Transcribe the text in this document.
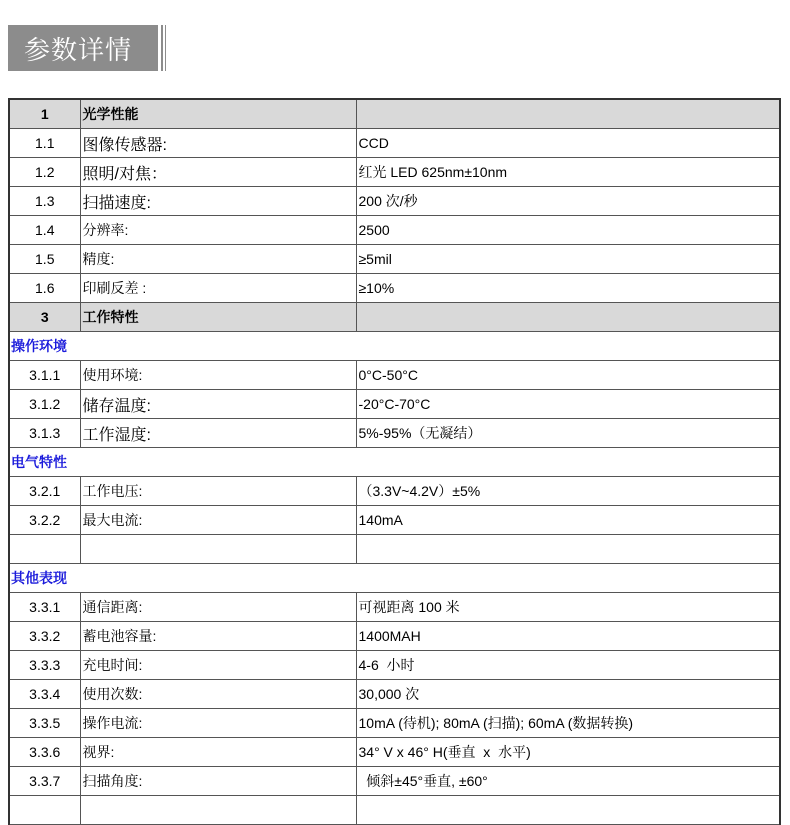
参数详情
1	光学性能	
1.1	图像传感器:	CCD
1.2	照明/对焦：	红光 LED 625nm±10nm
1.3	扫描速度:	200 次/秒
1.4	分辨率:	2500
1.5	精度:	≥5mil
1.6	印刷反差 :	≥10%
3	工作特性	
操作环境		
3.1.1	使用环境:	0°C-50°C
3.1.2	储存温度:	-20°C-70°C
3.1.3	工作湿度:	5%-95%（无凝结）
电气特性		
3.2.1	工作电压:	（3.3V~4.2V）±5%
3.2.2	最大电流:	140mA

其他表现		
3.3.1	通信距离:	可视距离 100 米
3.3.2	蓄电池容量:	1400MAH
3.3.3	充电时间:	4-6  小时
3.3.4	使用次数:	30,000 次
3.3.5	操作电流:	10mA (待机); 80mA (扫描); 60mA (数据转换)
3.3.6	视界:	34° V x 46° H(垂直  x  水平)
3.3.7	扫描角度:	倾斜±45°垂直, ±60°
